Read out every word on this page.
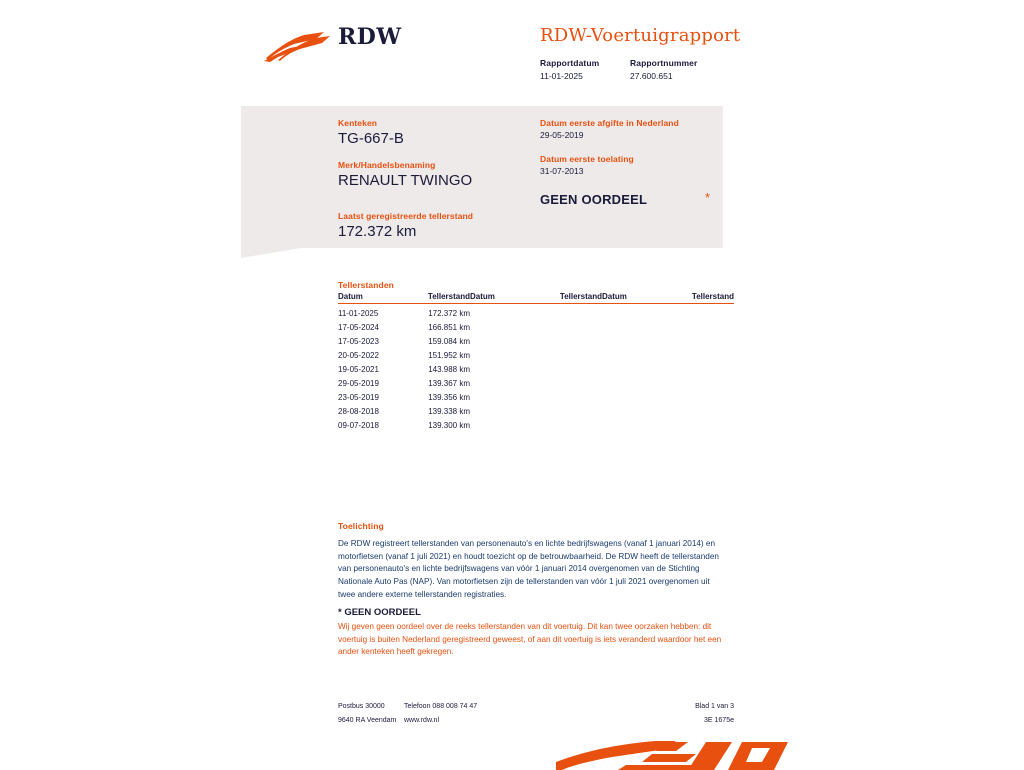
RDW	RDW-Voertuigrapport
Rapportdatum
11-01-2025
Rapportnummer
27.600.651
Kenteken
TG-667-B
Merk/Handelsbenaming
RENAULT TWINGO
Datum eerste afgifte in Nederland
29-05-2019
Datum eerste toelating
31-07-2013
Laatst geregistreerde tellerstand
172.372 km
GEEN OORDEEL	*
Tellerstanden
Datum	Tellerstand
11-01-2025	172.372 km
17-05-2024	166.851 km
17-05-2023	159.084 km
20-05-2022	151.952 km
19-05-2021	143.988 km
29-05-2019	139.367 km
23-05-2019	139.356 km
28-08-2018	139.338 km
09-07-2018	139.300 km
Datum	Tellerstand Datum	Tellerstand
Toelichting
De RDW registreert tellerstanden van personenauto's en lichte bedrijfswagens (vanaf 1 januari 2014) en motorfietsen (vanaf 1 juli 2021) en houdt toezicht op de betrouwbaarheid. De RDW heeft de tellerstanden van personenauto's en lichte bedrijfswagens van vóór 1 januari 2014 overgenomen van de Stichting Nationale Auto Pas (NAP). Van motorfietsen zijn de tellerstanden van vóór 1 juli 2021 overgenomen uit twee andere externe tellerstanden registraties.
* GEEN OORDEEL
Wij geven geen oordeel over de reeks tellerstanden van dit voertuig. Dit kan twee oorzaken hebben: dit voertuig is buiten Nederland geregistreerd geweest, of aan dit voertuig is iets veranderd waardoor het een ander kenteken heeft gekregen.
Postbus 30000	Telefoon 088 008 74 47	Blad 1 van 3
9640 RA Veendam	www.rdw.nl	3E 1675e
